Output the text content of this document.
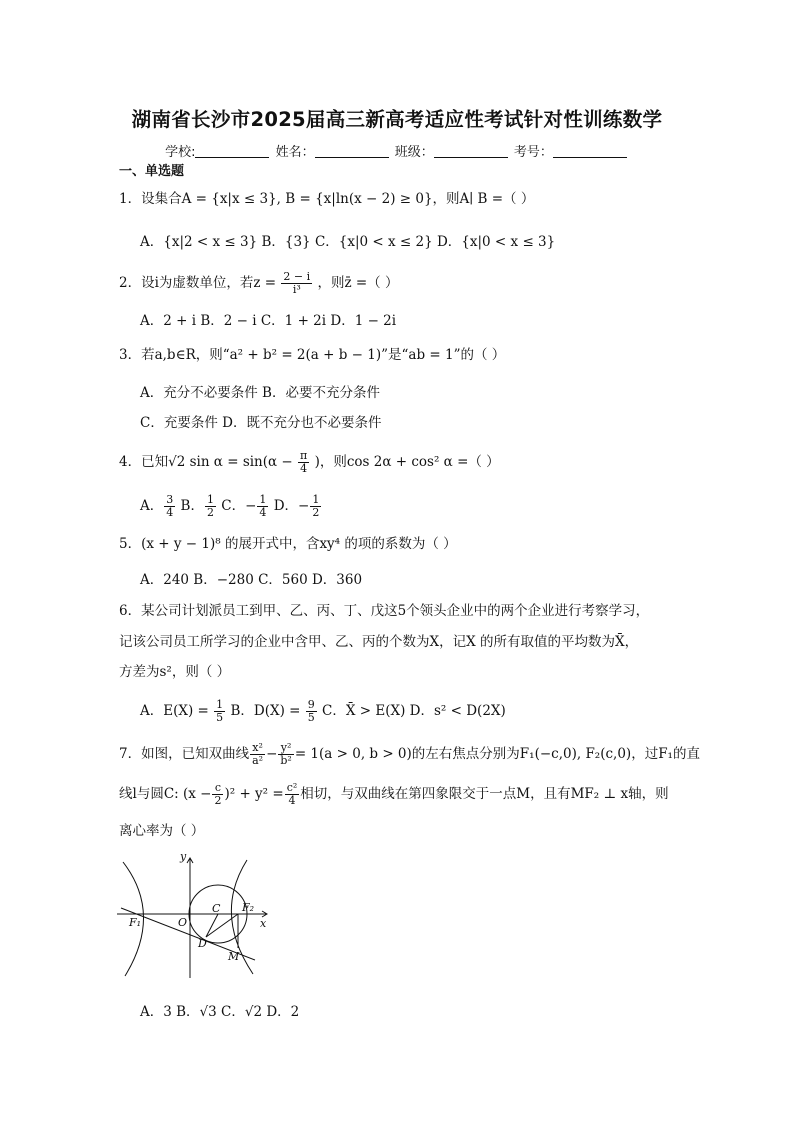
湖南省长沙市2025届高三新高考适应性考试针对性训练数学
学校:	姓名：	班级：	考号：
一、单选题
1．设集合A = {x|x ≤ 3}, B = {x|ln(x − 2) ≥ 0}，则A∣ B =（ ）
A．{x|2 < x ≤ 3} B．{3} C．{x|0 < x ≤ 2} D．{x|0 < x ≤ 3}
2．设i为虚数单位，若$z = \frac{2 - i}{\text{i³}}$ ，则z̄ =（ ）
A．2 + i B．2 − i C．1 + 2i D．1 − 2i
3．若a,b∈R，则“a² + b² = 2(a + b − 1)”是“ab = 1”的（ ）
A．充分不必要条件 B．必要不充分条件
C．充要条件 D．既不充分也不必要条件
4．已知√2 $\sin \alpha = \sin(\alpha - \frac{\pi}{4}$ )，则cos 2α + cos² α =（ ）
A． $\frac{3}{4}$ B． $\frac{1}{2}$ C．− $\frac{1}{4}$ D．− $\frac{1}{2}$
5．(x + y − 1)⁸ 的展开式中，含xy⁴ 的项的系数为（ ）
A．240 B．−280 C．560 D．360
6．某公司计划派员工到甲、乙、丙、丁、戊这5个领头企业中的两个企业进行考察学习，
记该公司员工所学习的企业中含甲、乙、丙的个数为X，记X 的所有取值的平均数为X̄，
方差为s²，则（ ）
A．$E(X) = \frac{1}{5}$ B．$D(X) = \frac{9}{5}$ C．X̄ > E(X) D．s² < D(2X)
7．如图，已知双曲线 $\frac{\text{x²}}{\text{a²}} - \frac{\text{y²}}{\text{b²}} = 1(a > 0$, b > 0)的左右焦点分别为F₁(−c,0), F₂(c,0)，过F₁的直
线l与圆C: $(x - \frac{c}{2} )^2 + y^2 = \frac{\text{c²}}{4}$ 相切，与双曲线在第四象限交于一点M，且有MF₂ ⊥ x轴，则
离心率为（ ）
y
x
O
C
F₁
F₂
D
M
A．3 B．√3 C．√2 D．2
